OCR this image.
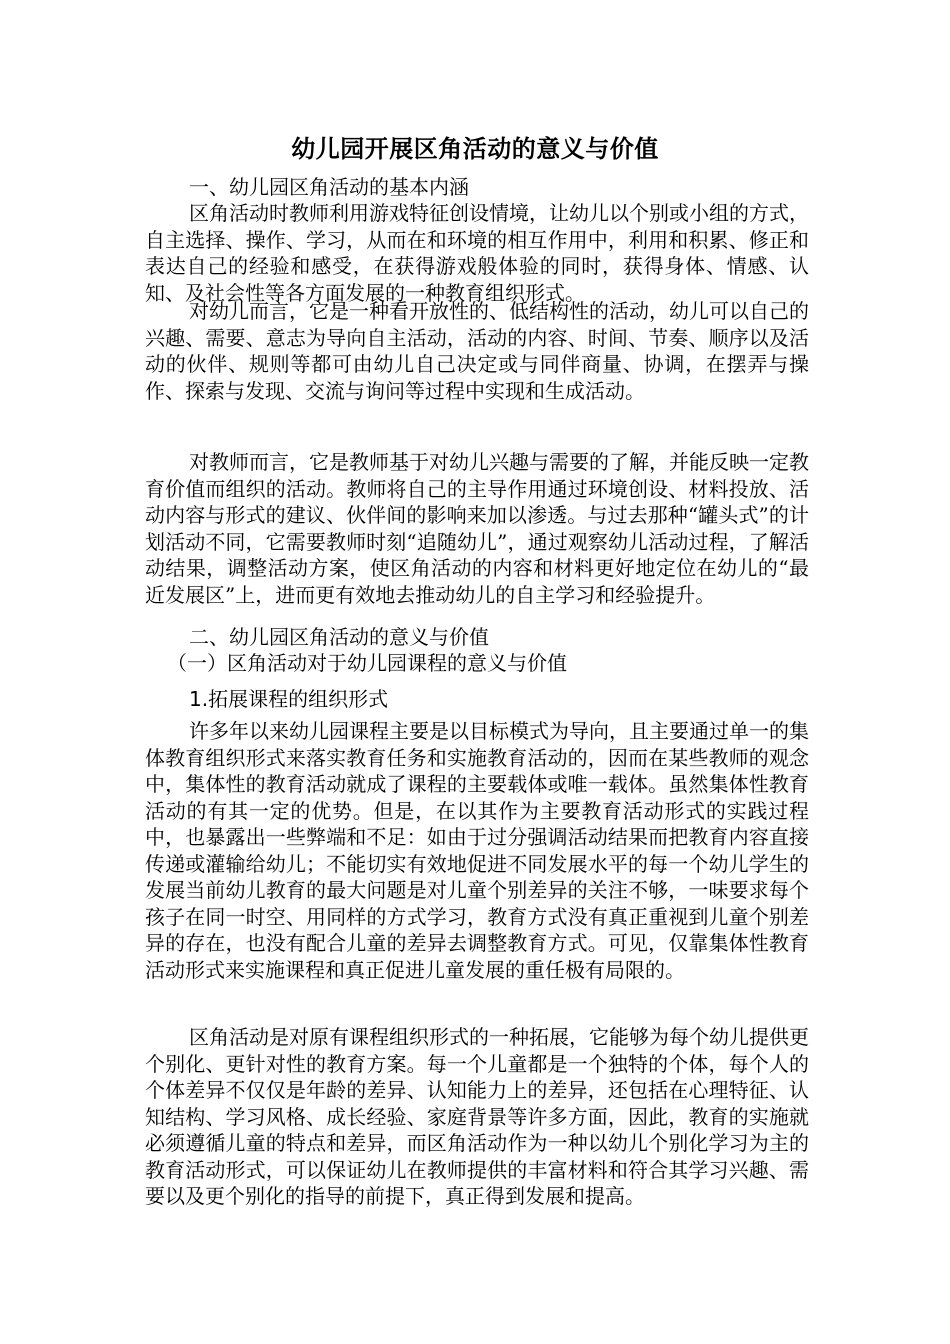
幼儿园开展区角活动的意义与价值
一、幼儿园区角活动的基本内涵
区角活动时教师利用游戏特征创设情境，让幼儿以个别或小组的方式，自主选择、操作、学习，从而在和环境的相互作用中，利用和积累、修正和表达自己的经验和感受，在获得游戏般体验的同时，获得身体、情感、认知、及社会性等各方面发展的一种教育组织形式。
对幼儿而言，它是一种看开放性的、低结构性的活动，幼儿可以自己的兴趣、需要、意志为导向自主活动，活动的内容、时间、节奏、顺序以及活动的伙伴、规则等都可由幼儿自己决定或与同伴商量、协调，在摆弄与操作、探索与发现、交流与询问等过程中实现和生成活动。
对教师而言，它是教师基于对幼儿兴趣与需要的了解，并能反映一定教育价值而组织的活动。教师将自己的主导作用通过环境创设、材料投放、活动内容与形式的建议、伙伴间的影响来加以渗透。与过去那种“罐头式”的计划活动不同，它需要教师时刻“追随幼儿”，通过观察幼儿活动过程，了解活动结果，调整活动方案，使区角活动的内容和材料更好地定位在幼儿的“最近发展区”上，进而更有效地去推动幼儿的自主学习和经验提升。
二、幼儿园区角活动的意义与价值
（一）区角活动对于幼儿园课程的意义与价值
1.拓展课程的组织形式
许多年以来幼儿园课程主要是以目标模式为导向，且主要通过单一的集体教育组织形式来落实教育任务和实施教育活动的，因而在某些教师的观念中，集体性的教育活动就成了课程的主要载体或唯一载体。虽然集体性教育活动的有其一定的优势。但是，在以其作为主要教育活动形式的实践过程中，也暴露出一些弊端和不足：如由于过分强调活动结果而把教育内容直接传递或灌输给幼儿；不能切实有效地促进不同发展水平的每一个幼儿学生的发展当前幼儿教育的最大问题是对儿童个别差异的关注不够，一味要求每个孩子在同一时空、用同样的方式学习，教育方式没有真正重视到儿童个别差异的存在，也没有配合儿童的差异去调整教育方式。可见，仅靠集体性教育活动形式来实施课程和真正促进儿童发展的重任极有局限的。
区角活动是对原有课程组织形式的一种拓展，它能够为每个幼儿提供更个别化、更针对性的教育方案。每一个儿童都是一个独特的个体，每个人的个体差异不仅仅是年龄的差异、认知能力上的差异，还包括在心理特征、认知结构、学习风格、成长经验、家庭背景等许多方面，因此，教育的实施就必须遵循儿童的特点和差异，而区角活动作为一种以幼儿个别化学习为主的教育活动形式，可以保证幼儿在教师提供的丰富材料和符合其学习兴趣、需要以及更个别化的指导的前提下，真正得到发展和提高。
